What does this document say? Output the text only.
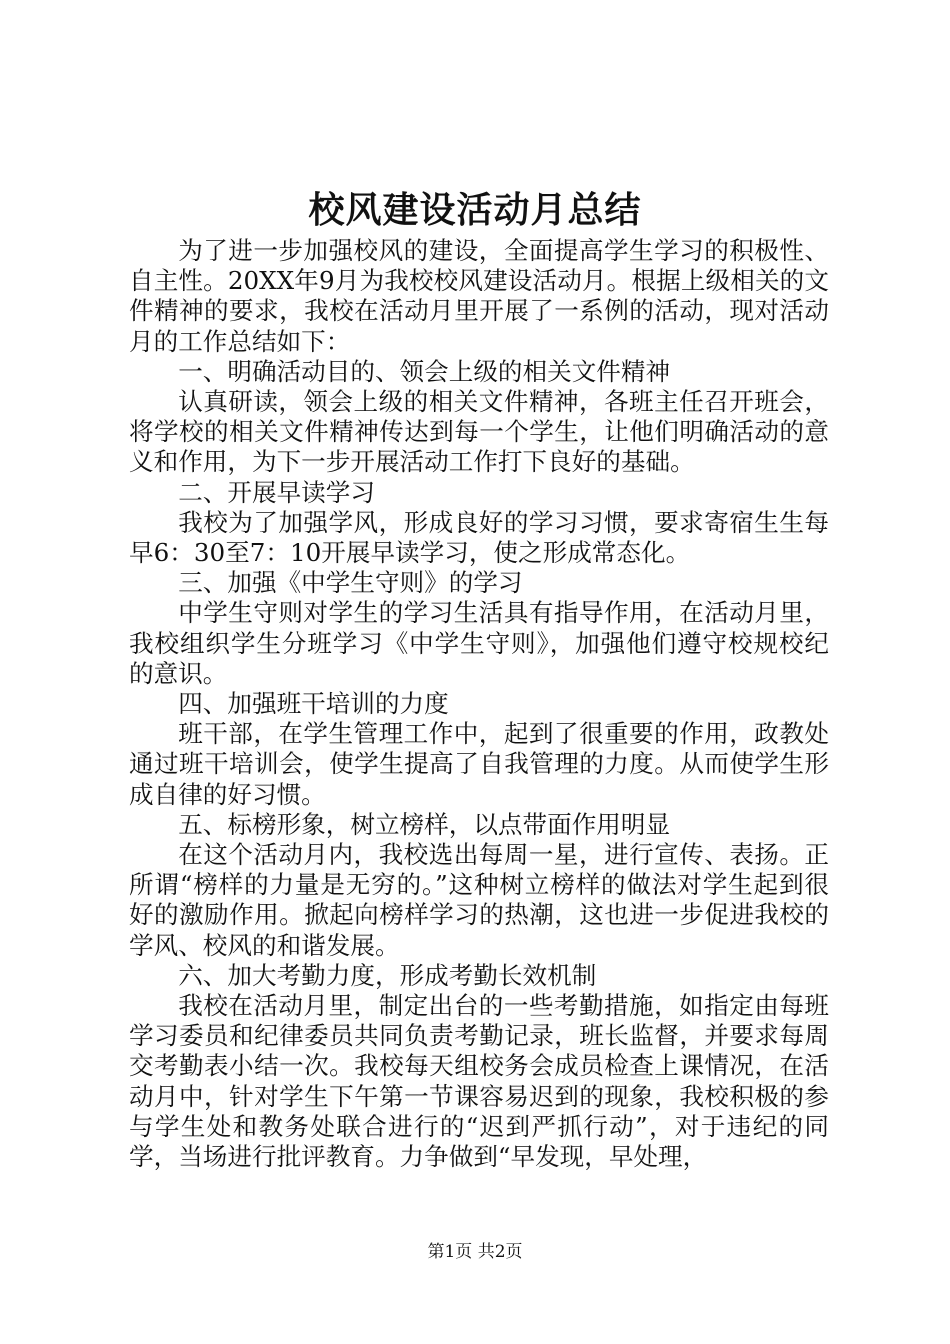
校风建设活动月总结

为了进一步加强校风的建设，全面提高学生学习的积极性、自主性。20XX年9月为我校校风建设活动月。根据上级相关的文件精神的要求，我校在活动月里开展了一系例的活动，现对活动月的工作总结如下：

一、明确活动目的、领会上级的相关文件精神

认真研读，领会上级的相关文件精神，各班主任召开班会，将学校的相关文件精神传达到每一个学生，让他们明确活动的意义和作用，为下一步开展活动工作打下良好的基础。

二、开展早读学习

我校为了加强学风，形成良好的学习习惯，要求寄宿生生每早6：30至7：10开展早读学习，使之形成常态化。

三、加强《中学生守则》的学习

中学生守则对学生的学习生活具有指导作用，在活动月里，我校组织学生分班学习《中学生守则》，加强他们遵守校规校纪的意识。

四、加强班干培训的力度

班干部，在学生管理工作中，起到了很重要的作用，政教处通过班干培训会，使学生提高了自我管理的力度。从而使学生形成自律的好习惯。

五、标榜形象，树立榜样，以点带面作用明显

在这个活动月内，我校选出每周一星，进行宣传、表扬。正所谓“榜样的力量是无穷的。”这种树立榜样的做法对学生起到很好的激励作用。掀起向榜样学习的热潮，这也进一步促进我校的学风、校风的和谐发展。

六、加大考勤力度，形成考勤长效机制

我校在活动月里，制定出台的一些考勤措施，如指定由每班学习委员和纪律委员共同负责考勤记录，班长监督，并要求每周交考勤表小结一次。我校每天组校务会成员检查上课情况，在活动月中，针对学生下午第一节课容易迟到的现象，我校积极的参与学生处和教务处联合进行的“迟到严抓行动”，对于违纪的同学，当场进行批评教育。力争做到“早发现，早处理，

第1页 共2页
